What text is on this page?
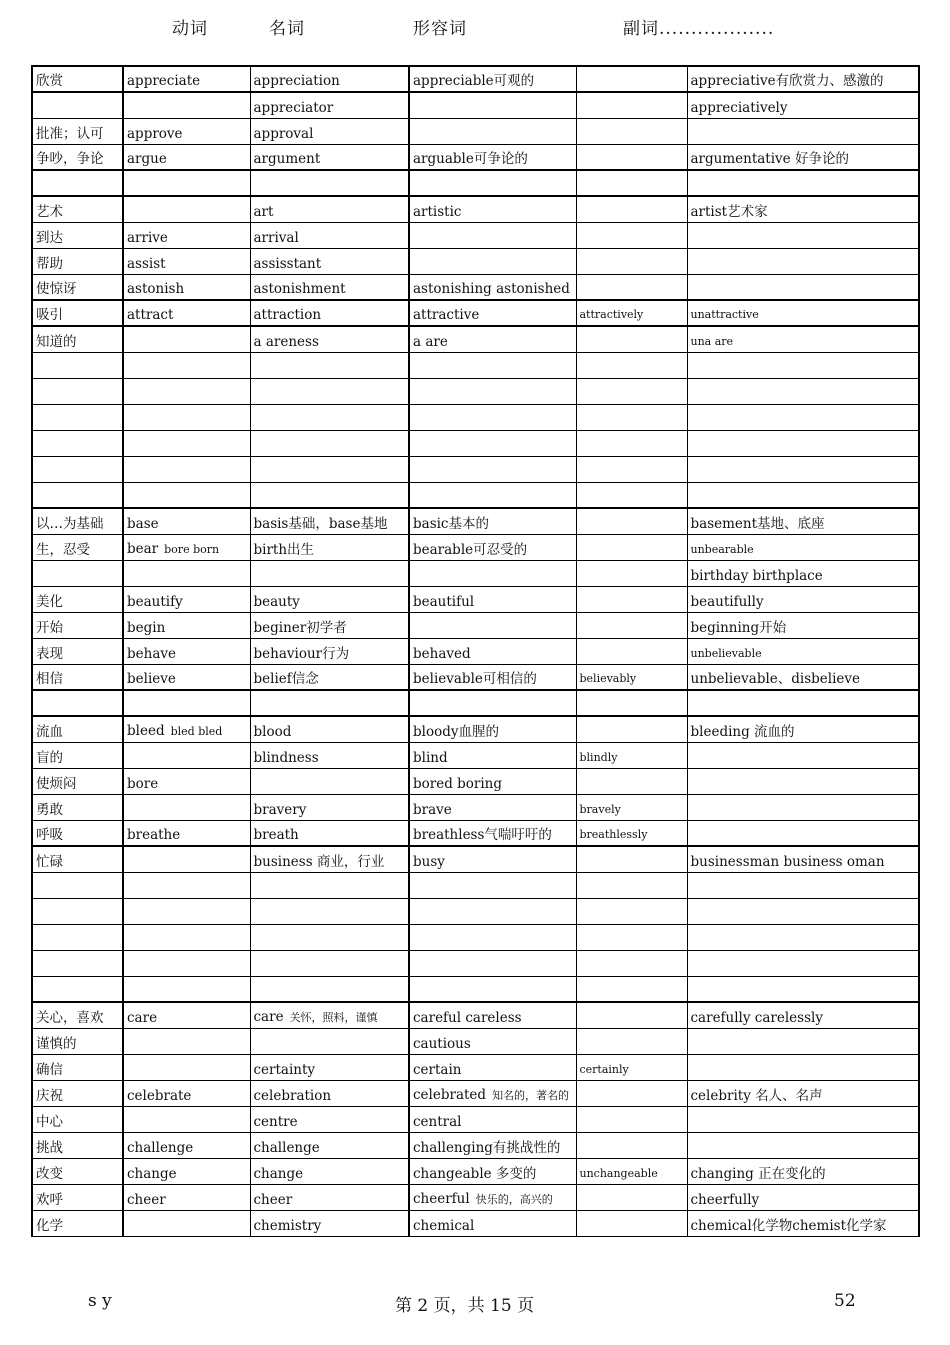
动词	名词	形容词	副词..................
欣赏	appreciate	appreciation	appreciable可观的		appreciative有欣赏力、感激的
		appreciator			appreciatively
批准；认可	approve	approval			
争吵，争论	argue	argument	arguable可争论的		argumentative 好争论的

艺术		art	artistic		artist艺术家
到达	arrive	arrival			
帮助	assist	assisstant			
使惊讶	astonish	astonishment	astonishing astonished		
吸引	attract	attraction	attractive	attractively	unattractive
知道的		a areness	a are		una are

以…为基础	base	basis基础，base基地	basic基本的		basement基地、底座
生，忍受	bear bore born	birth出生	bearable可忍受的		unbearable
					birthday birthplace
美化	beautify	beauty	beautiful		beautifully
开始	begin	beginer初学者			beginning开始
表现	behave	behaviour行为	behaved		unbelievable
相信	believe	belief信念	believable可相信的	believably	unbelievable、disbelieve

流血	bleed bled bled	blood	bloody血腥的		bleeding 流血的
盲的		blindness	blind	blindly	
使烦闷	bore		bored boring		
勇敢		bravery	brave	bravely	
呼吸	breathe	breath	breathless气喘吁吁的	breathlessly	
忙碌		business 商业，行业	busy		businessman business oman

关心，喜欢	care	care 关怀，照料，谨慎	careful careless		carefully carelessly
谨慎的			cautious		
确信		certainty	certain	certainly	
庆祝	celebrate	celebration	celebrated 知名的，著名的		celebrity 名人、名声
中心		centre	central		
挑战	challenge	challenge	challenging有挑战性的		
改变	change	change	changeable 多变的	unchangeable	changing 正在变化的
欢呼	cheer	cheer	cheerful 快乐的，高兴的		cheerfully
化学		chemistry	chemical		chemical化学物chemist化学家
s y	第 2 页，共 15 页	52
